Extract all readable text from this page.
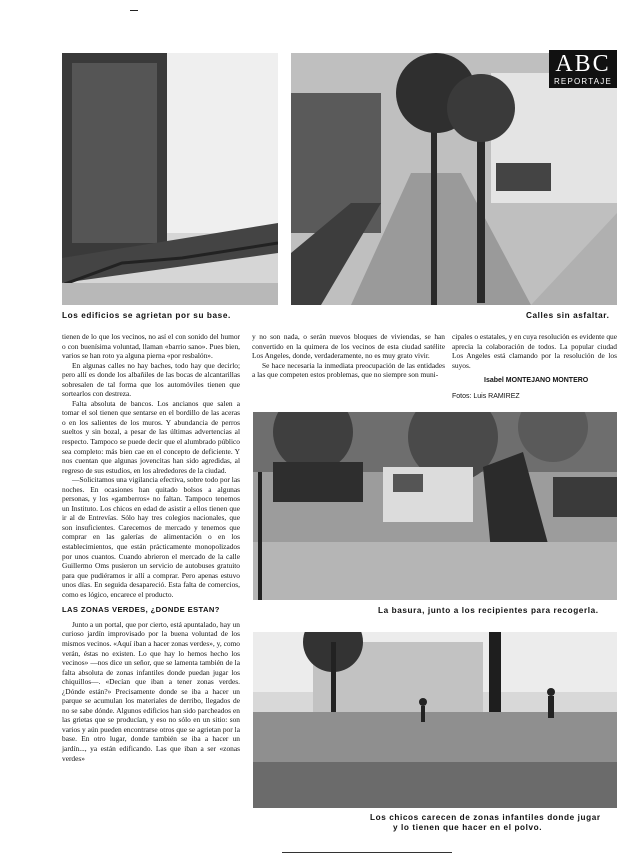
ABC
REPORTAJE
Los edificios se agrietan por su base.	Calles sin asfaltar.

tienen de lo que los vecinos, no así el con sonido del humor o con buenísima voluntad, llaman «barrio sano». Pues bien, varios se han roto ya alguna pierna «por resbalón».

En algunas calles no hay baches, todo hay que decirlo; pero allí es donde los albañiles de las bocas de alcantarillas sobresalen de tal forma que los automóviles tienen que sortearlos con destreza.

Falta absoluta de bancos. Los ancianos que salen a tomar el sol tienen que sentarse en el bordillo de las aceras o en los salientes de los muros. Y abundancia de perros sueltos y sin bozal, a pesar de las últimas advertencias al respecto. Tampoco se puede decir que el alumbrado público sea completo: más bien cae en el concepto de deficiente. Y nos cuentan que algunas jovencitas han sido agredidas, al regreso de sus estudios, en los alrededores de la ciudad.

—Solicitamos una vigilancia efectiva, sobre todo por las noches. En ocasiones han quitado bolsos a algunas personas, y los «gamberros» no faltan. Tampoco tenemos un Instituto. Los chicos en edad de asistir a ellos tienen que ir al de Entrevías. Sólo hay tres colegios nacionales, que son insuficientes. Carecemos de mercado y tenemos que comprar en las galerías de alimentación o en los establecimientos, que están prácticamente monopolizados por unos cuantos. Cuando abrieron el mercado de la calle Guillermo Oms pusieron un servicio de autobuses gratuito para que pudiéramos ir allí a comprar. Pero apenas estuvo unos días. En seguida desapareció. Esta falta de comercios, como es lógico, encarece el producto.

LAS ZONAS VERDES, ¿DONDE ESTAN?

Junto a un portal, que por cierto, está apuntalado, hay un curioso jardín improvisado por la buena voluntad de los mismos vecinos. «Aquí iban a hacer zonas verdes», y, como verán, éstas no existen. Lo que hay lo hemos hecho los vecinos» —nos dice un señor, que se lamenta también de la falta absoluta de zonas infantiles donde puedan jugar los chiquillos—. «Decían que iban a tener zonas verdes. ¿Dónde están?» Precisamente donde se iba a hacer un parque se acumulan los materiales de derribo, llegados de no se sabe dónde. Algunos edificios han sido parcheados en las grietas que se producían, y eso no sólo en un sitio: son varios y aún pueden encontrarse otros que se agrietan por la base. En otro lugar, donde también se iba a hacer un jardín..., ya están edificando. Las que iban a ser «zonas verdes»

y no son nada, o serán nuevos bloques de viviendas, se han convertido en la quimera de los vecinos de esta ciudad satélite Los Angeles, donde, verdaderamente, no es muy grato vivir.

Se hace necesaria la inmediata preocupación de las entidades a las que competen estos problemas, que no siempre son muni-

cipales o estatales, y en cuya resolución es evidente que aprecia la colaboración de todos. La popular ciudad Los Angeles está clamando por la resolución de los suyos.

Isabel MONTEJANO MONTERO
Fotos: Luis RAMIREZ
La basura, junto a los recipientes para recogerla.
Los chicos carecen de zonas infantiles donde jugar
y lo tienen que hacer en el polvo.
